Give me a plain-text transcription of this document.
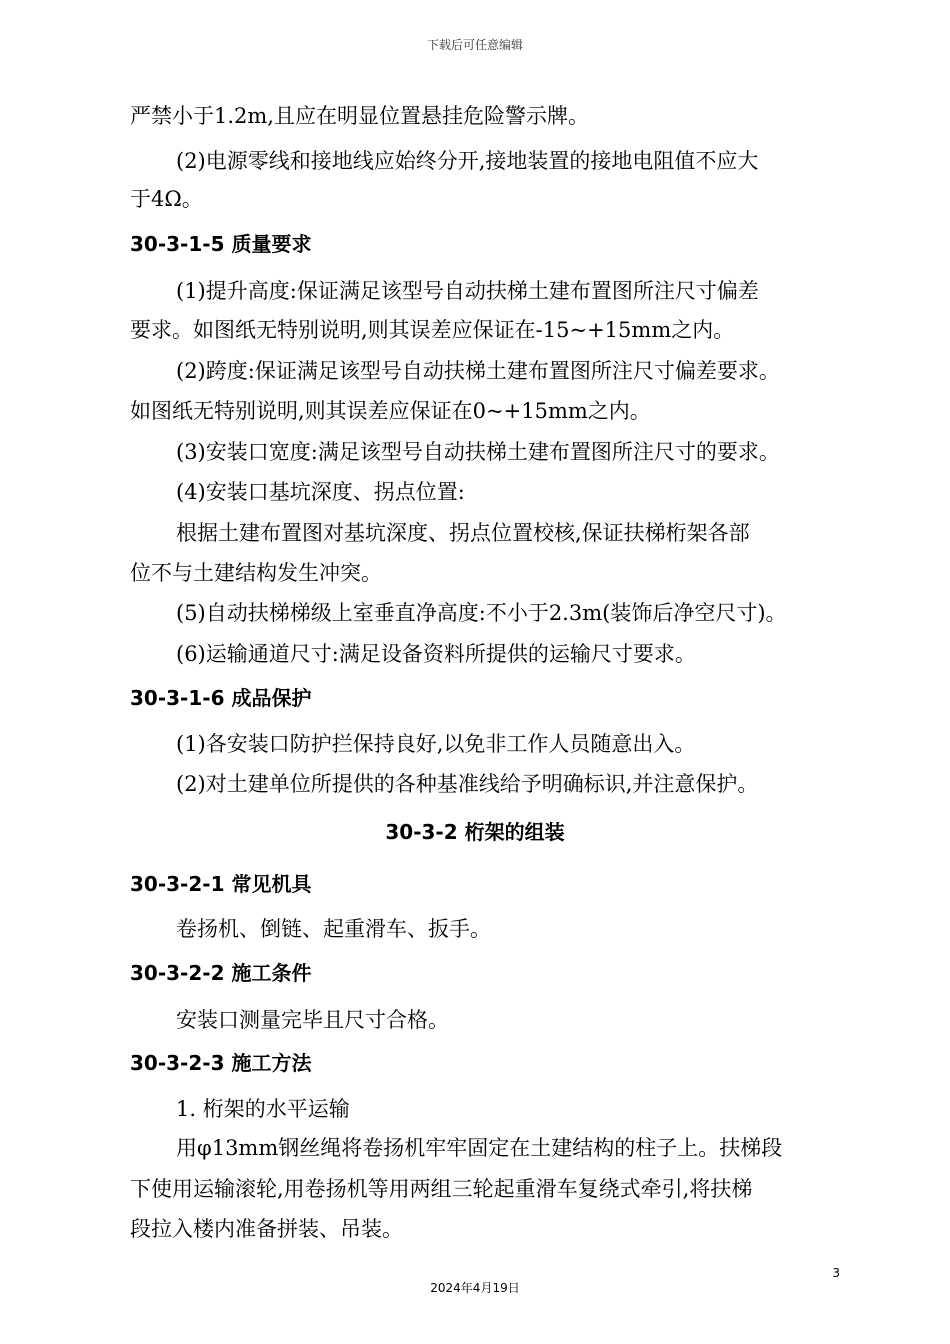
下载后可任意编辑
严禁小于1.2m,且应在明显位置悬挂危险警示牌。
(2)电源零线和接地线应始终分开,接地装置的接地电阻值不应大
于4Ω。
30-3-1-5 质量要求
(1)提升高度:保证满足该型号自动扶梯土建布置图所注尺寸偏差
要求。如图纸无特别说明,则其误差应保证在-15~+15mm之内。
(2)跨度:保证满足该型号自动扶梯土建布置图所注尺寸偏差要求。
如图纸无特别说明,则其误差应保证在0~+15mm之内。
(3)安装口宽度:满足该型号自动扶梯土建布置图所注尺寸的要求。
(4)安装口基坑深度、拐点位置:
根据土建布置图对基坑深度、拐点位置校核,保证扶梯桁架各部
位不与土建结构发生冲突。
(5)自动扶梯梯级上室垂直净高度:不小于2.3m(装饰后净空尺寸)。
(6)运输通道尺寸:满足设备资料所提供的运输尺寸要求。
30-3-1-6 成品保护
(1)各安装口防护拦保持良好,以免非工作人员随意出入。
(2)对土建单位所提供的各种基准线给予明确标识,并注意保护。
30-3-2 桁架的组装
30-3-2-1 常见机具
卷扬机、倒链、起重滑车、扳手。
30-3-2-2 施工条件
安装口测量完毕且尺寸合格。
30-3-2-3 施工方法
1. 桁架的水平运输
用φ13mm钢丝绳将卷扬机牢牢固定在土建结构的柱子上。扶梯段
下使用运输滚轮,用卷扬机等用两组三轮起重滑车复绕式牵引,将扶梯
段拉入楼内准备拼装、吊装。
3
2024年4月19日
